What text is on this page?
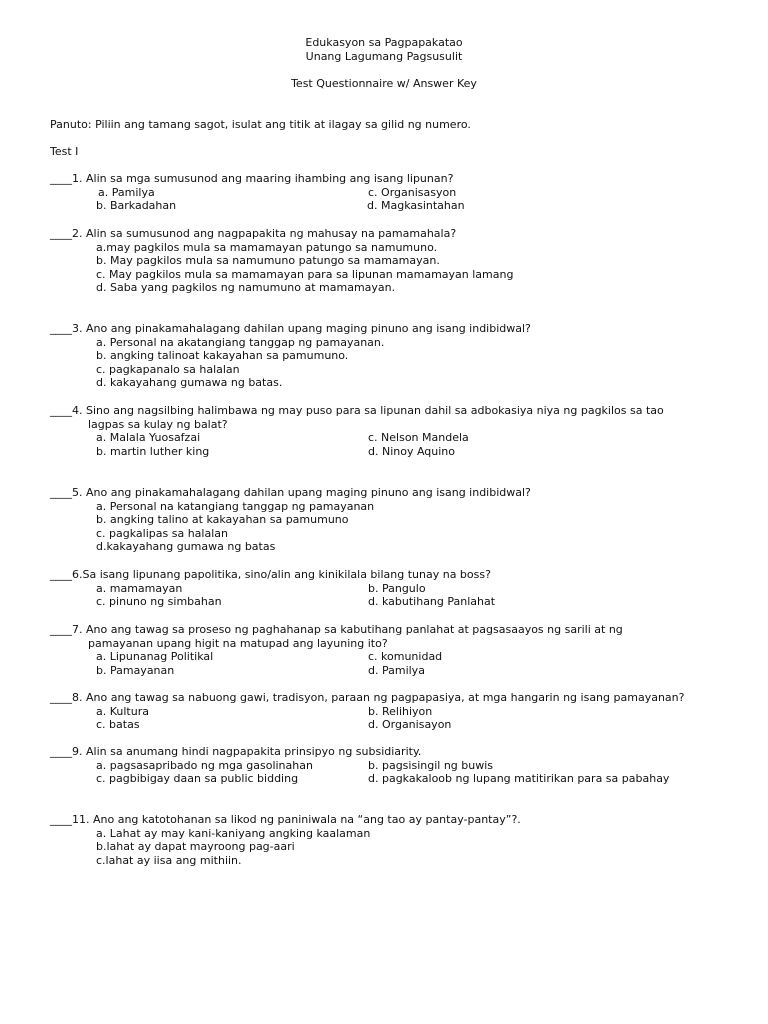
Edukasyon sa Pagpapakatao
Unang Lagumang Pagsusulit
Test Questionnaire w/ Answer Key
Panuto: Piliin ang tamang sagot, isulat ang titik at ilagay sa gilid ng numero.
Test I
____1. Alin sa mga sumusunod ang maaring ihambing ang isang lipunan?
a. Pamilya	c. Organisasyon
b. Barkadahan	d. Magkasintahan
____2. Alin sa sumusunod ang nagpapakita ng mahusay na pamamahala?
a.may pagkilos mula sa mamamayan patungo sa namumuno.
b. May pagkilos mula sa namumuno patungo sa mamamayan.
c. May pagkilos mula sa mamamayan para sa lipunan mamamayan lamang
d. Saba yang pagkilos ng namumuno at mamamayan.
____3. Ano ang pinakamahalagang dahilan upang maging pinuno ang isang indibidwal?
a. Personal na akatangiang tanggap ng pamayanan.
b. angking talinoat kakayahan sa pamumuno.
c. pagkapanalo sa halalan
d. kakayahang gumawa ng batas.
____4. Sino ang nagsilbing halimbawa ng may puso para sa lipunan dahil sa adbokasiya niya ng pagkilos sa tao
lagpas sa kulay ng balat?
a. Malala Yuosafzai	c. Nelson Mandela
b. martin luther king	d. Ninoy Aquino
____5. Ano ang pinakamahalagang dahilan upang maging pinuno ang isang indibidwal?
a. Personal na katangiang tanggap ng pamayanan
b. angking talino at kakayahan sa pamumuno
c. pagkalipas sa halalan
d.kakayahang gumawa ng batas
____6.Sa isang lipunang papolitika, sino/alin ang kinikilala bilang tunay na boss?
a. mamamayan	b. Pangulo
c. pinuno ng simbahan	d. kabutihang Panlahat
____7. Ano ang tawag sa proseso ng paghahanap sa kabutihang panlahat at pagsasaayos ng sarili at ng
pamayanan upang higit na matupad ang layuning ito?
a. Lipunanag Politikal	c. komunidad
b. Pamayanan	d. Pamilya
____8. Ano ang tawag sa nabuong gawi, tradisyon, paraan ng pagpapasiya, at mga hangarin ng isang pamayanan?
a. Kultura	b. Relihiyon
c. batas	d. Organisayon
____9. Alin sa anumang hindi nagpapakita prinsipyo ng subsidiarity.
a. pagsasapribado ng mga gasolinahan	b. pagsisingil ng buwis
c. pagbibigay daan sa public bidding	d. pagkakaloob ng lupang matitirikan para sa pabahay
____11. Ano ang katotohanan sa likod ng paniniwala na “ang tao ay pantay-pantay”?.
a. Lahat ay may kani-kaniyang angking kaalaman
b.lahat ay dapat mayroong pag-aari
c.lahat ay iisa ang mithiin.
